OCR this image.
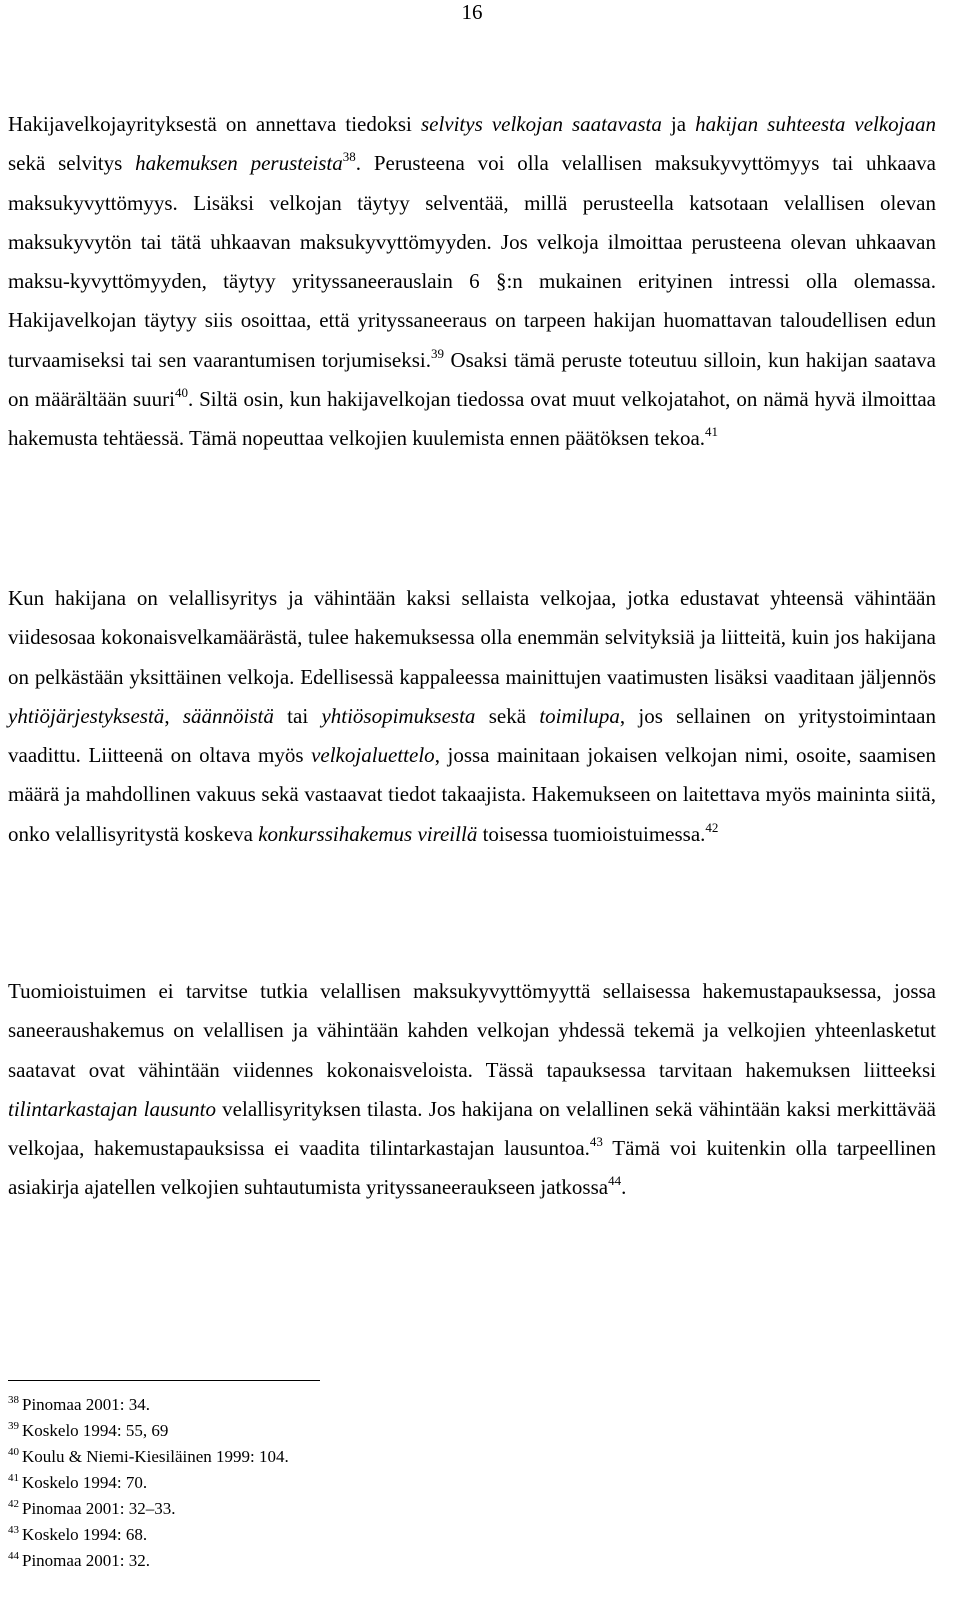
16

Hakijavelkojayrityksestä on annettava tiedoksi selvitys velkojan saatavasta ja hakijan suhteesta velkojaan sekä selvitys hakemuksen perusteista$^{38}$. Perusteena voi olla velallisen maksukyvyttömyys tai uhkaava maksukyvyttömyys. Lisäksi velkojan täytyy selventää, millä perusteella katsotaan velallisen olevan maksukyvytön tai tätä uhkaavan maksukyvyttömyyden. Jos velkoja ilmoittaa perusteena olevan uhkaavan maksu-kyvyttömyyden, täytyy yrityssaneerauslain 6 §:n mukainen erityinen intressi olla olemassa. Hakijavelkojan täytyy siis osoittaa, että yrityssaneeraus on tarpeen hakijan huomattavan taloudellisen edun turvaamiseksi tai sen vaarantumisen torjumiseksi.$^{39}$ Osaksi tämä peruste toteutuu silloin, kun hakijan saatava on määrältään suuri$^{40}$. Siltä osin, kun hakijavelkojan tiedossa ovat muut velkojatahot, on nämä hyvä ilmoittaa hakemusta tehtäessä. Tämä nopeuttaa velkojien kuulemista ennen päätöksen tekoa.$^{41}$

Kun hakijana on velallisyritys ja vähintään kaksi sellaista velkojaa, jotka edustavat yhteensä vähintään viidesosaa kokonaisvelkamäärästä, tulee hakemuksessa olla enemmän selvityksiä ja liitteitä, kuin jos hakijana on pelkästään yksittäinen velkoja. Edellisessä kappaleessa mainittujen vaatimusten lisäksi vaaditaan jäljennös yhtiöjärjestyksestä, säännöistä tai yhtiösopimuksesta sekä toimilupa, jos sellainen on yritystoimintaan vaadittu. Liitteenä on oltava myös velkojaluettelo, jossa mainitaan jokaisen velkojan nimi, osoite, saamisen määrä ja mahdollinen vakuus sekä vastaavat tiedot takaajista. Hakemukseen on laitettava myös maininta siitä, onko velallisyritystä koskeva konkurssihakemus vireillä toisessa tuomioistuimessa.$^{42}$

Tuomioistuimen ei tarvitse tutkia velallisen maksukyvyttömyyttä sellaisessa hakemustapauksessa, jossa saneeraushakemus on velallisen ja vähintään kahden velkojan yhdessä tekemä ja velkojien yhteenlasketut saatavat ovat vähintään viidennes kokonaisveloista. Tässä tapauksessa tarvitaan hakemuksen liitteeksi tilintarkastajan lausunto velallisyrityksen tilasta. Jos hakijana on velallinen sekä vähintään kaksi merkittävää velkojaa, hakemustapauksissa ei vaadita tilintarkastajan lausuntoa.$^{43}$ Tämä voi kuitenkin olla tarpeellinen asiakirja ajatellen velkojien suhtautumista yrityssaneeraukseen jatkossa$^{44}$.

$^{38}$ Pinomaa 2001: 34.
$^{39}$ Koskelo 1994: 55, 69
$^{40}$ Koulu & Niemi-Kiesiläinen 1999: 104.
$^{41}$ Koskelo 1994: 70.
$^{42}$ Pinomaa 2001: 32–33.
$^{43}$ Koskelo 1994: 68.
$^{44}$ Pinomaa 2001: 32.
